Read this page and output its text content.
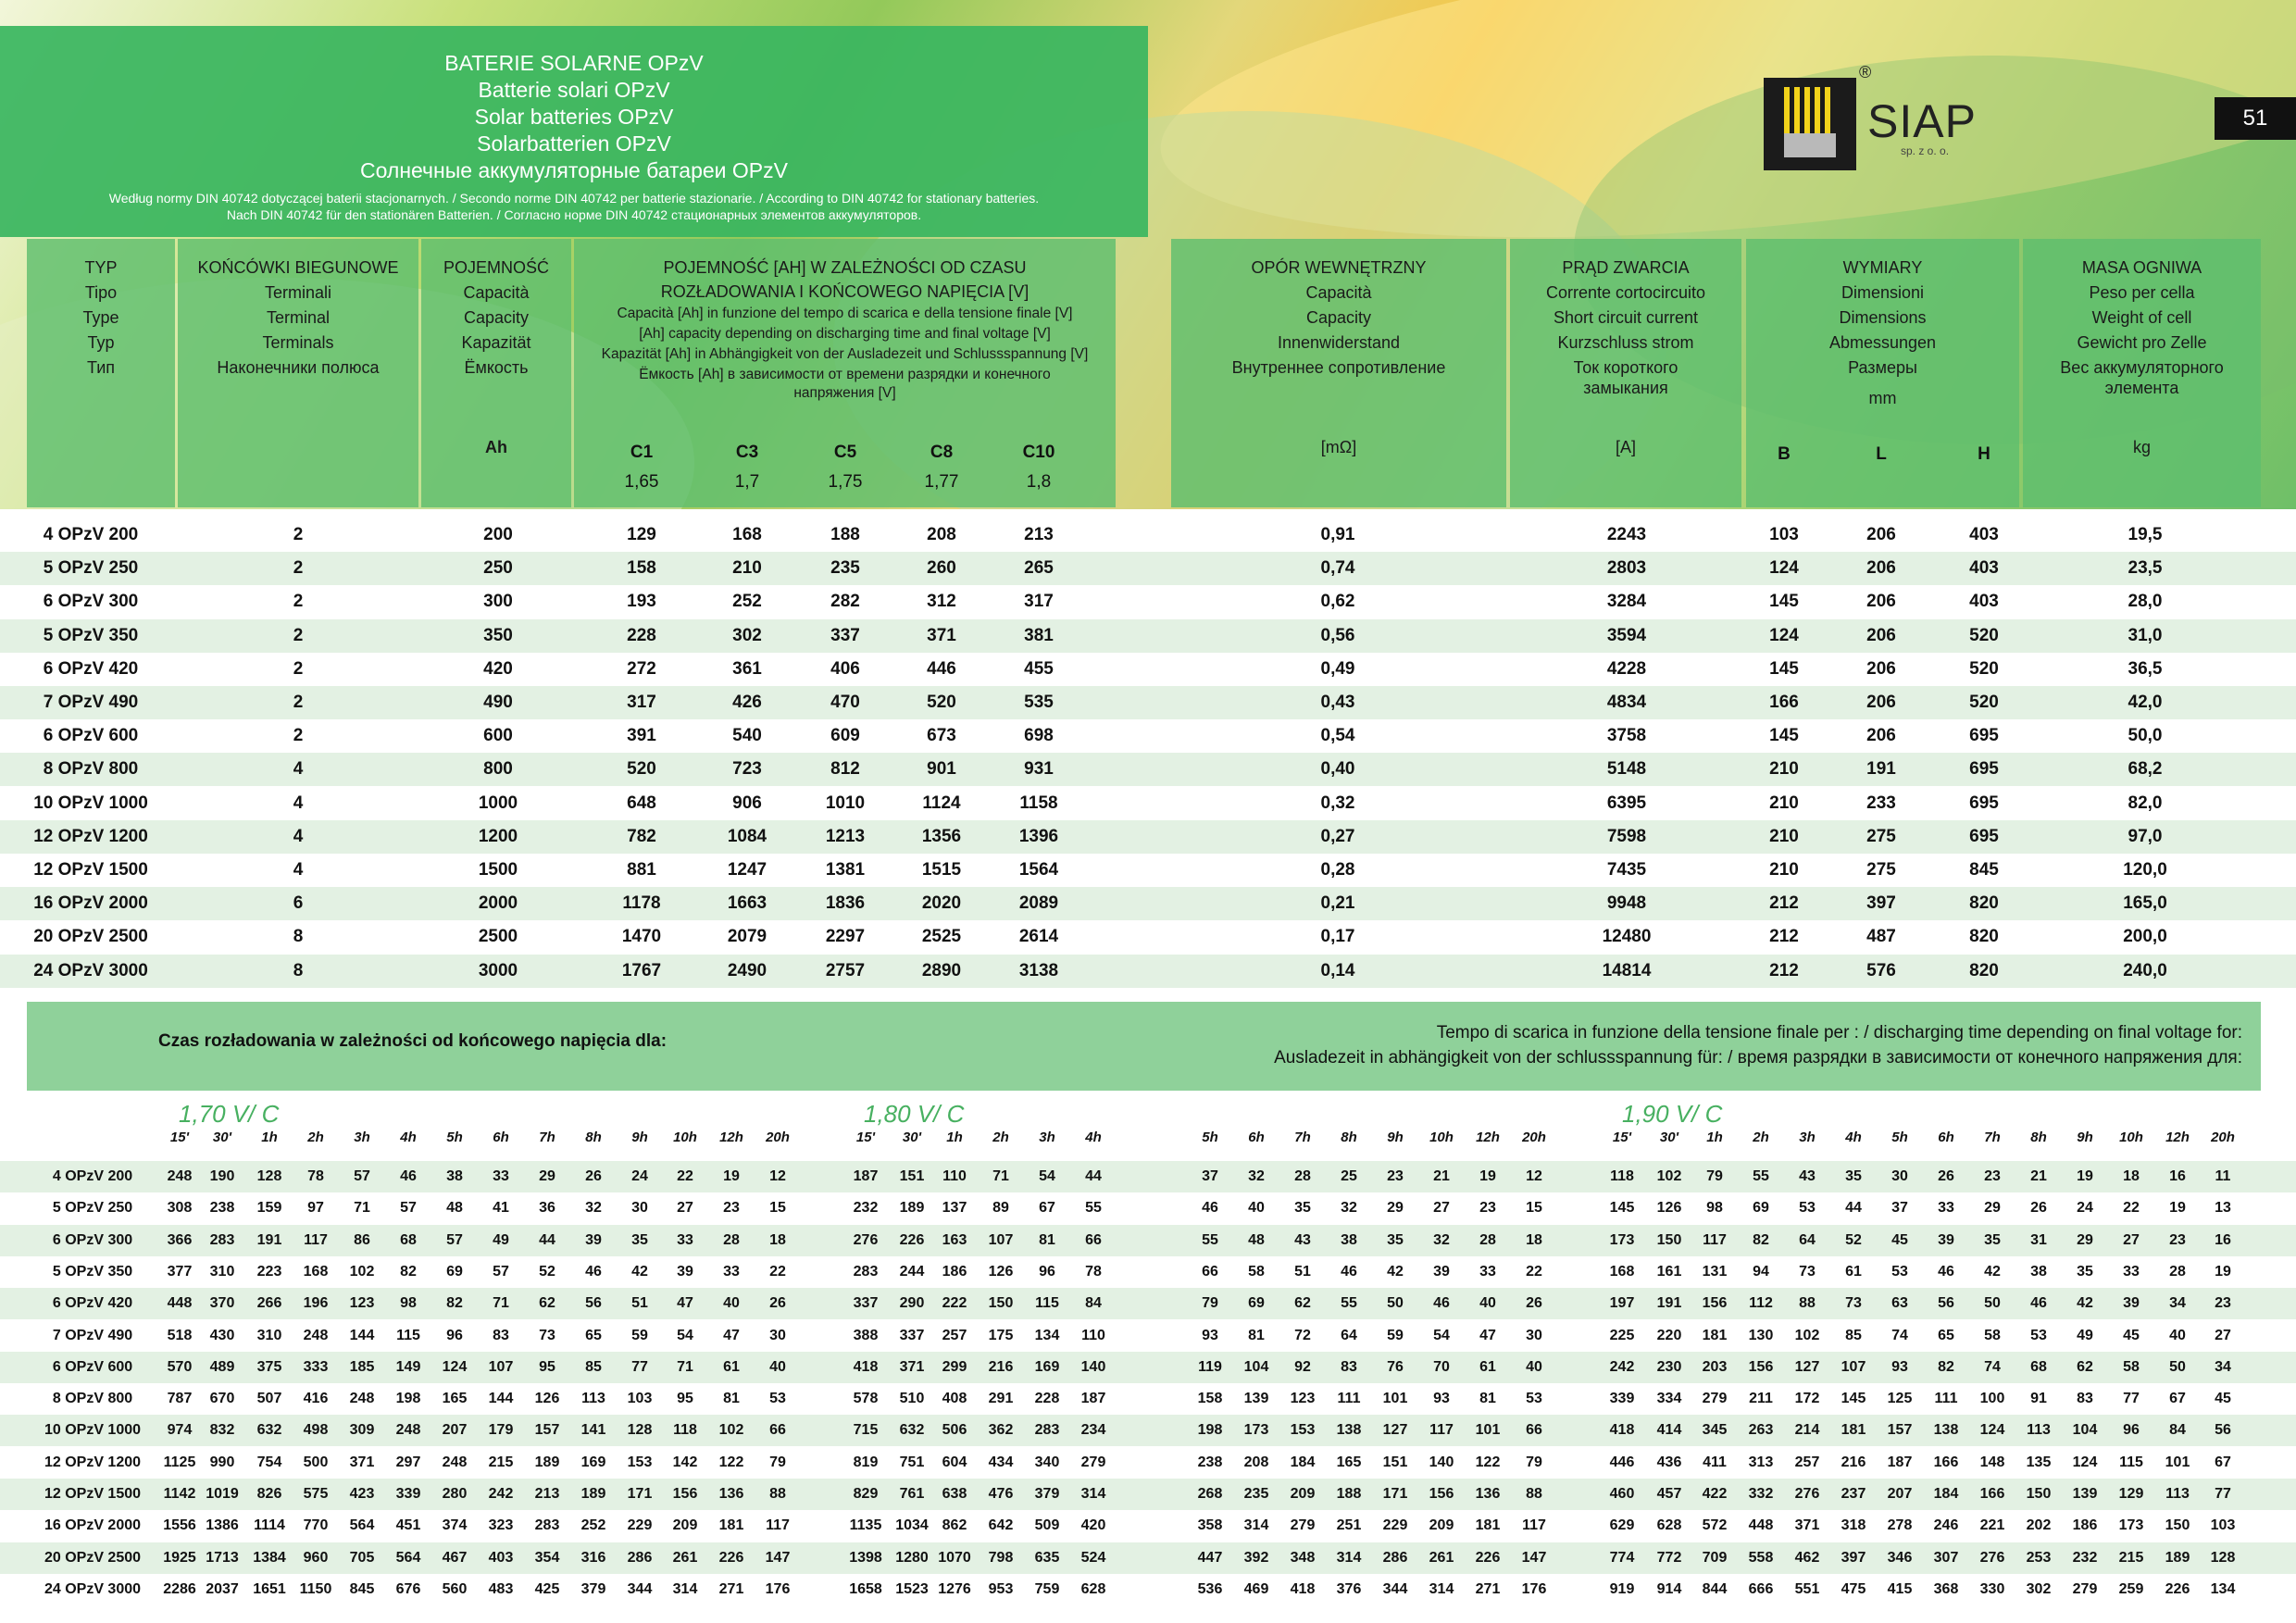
BATERIE SOLARNE OPzV
Batterie solari OPzV
Solar batteries OPzV
Solarbatterien OPzV
Солнечные аккумуляторные батареи OPzV
Według normy DIN 40742 dotyczącej baterii stacjonarnych. / Secondo norme DIN 40742 per batterie stazionarie. / According to DIN 40742 for stationary batteries.
Nach DIN 40742 für den stationären Batterien. / Согласно норме DIN 40742 стационарных элементов аккумуляторов.
®
SIAP
sp. z o. o.
51
TYP
Tipo
Type
Typ
Тип
KOŃCÓWKI BIEGUNOWE
Terminali
Terminal
Terminals
Наконечники полюса
POJEMNOŚĆ
Capacità
Capacity
Kapazität
Ёмкость
Ah
POJEMNOŚĆ [AH] W ZALEŻNOŚCI OD CZASU
ROZŁADOWANIA I KOŃCOWEGO NAPIĘCIA [V]
Capacità [Ah] in funzione del tempo di scarica e della tensione finale [V]
[Ah] capacity depending on discharging time and final voltage [V]
Kapazität [Ah] in Abhängigkeit von der Ausladezeit und Schlussspannung [V]
Ёмкость [Ah] в зависимости от времени разрядки и конечного
напряжения [V]
OPÓR WEWNĘTRZNY
Capacità
Capacity
Innenwiderstand
Внутреннее сопротивление
[mΩ]
PRĄD ZWARCIA
Corrente cortocircuito
Short circuit current
Kurzschluss strom
Ток короткого
замыкания
[A]
WYMIARY
Dimensioni
Dimensions
Abmessungen
Размеры
mm
MASA OGNIWA
Peso per cella
Weight of cell
Gewicht pro Zelle
Вес аккумуляторного
элемента
kg
C1
1,65
C3
1,7
C5
1,75
C8
1,77
C10
1,8
B	L	H
4 OPzV 200	2	200	129	168	188	208	213	0,91	2243	103	206	403	19,5
5 OPzV 250	2	250	158	210	235	260	265	0,74	2803	124	206	403	23,5
6 OPzV 300	2	300	193	252	282	312	317	0,62	3284	145	206	403	28,0
5 OPzV 350	2	350	228	302	337	371	381	0,56	3594	124	206	520	31,0
6 OPzV 420	2	420	272	361	406	446	455	0,49	4228	145	206	520	36,5
7 OPzV 490	2	490	317	426	470	520	535	0,43	4834	166	206	520	42,0
6 OPzV 600	2	600	391	540	609	673	698	0,54	3758	145	206	695	50,0
8 OPzV 800	4	800	520	723	812	901	931	0,40	5148	210	191	695	68,2
10 OPzV 1000	4	1000	648	906	1010	1124	1158	0,32	6395	210	233	695	82,0
12 OPzV 1200	4	1200	782	1084	1213	1356	1396	0,27	7598	210	275	695	97,0
12 OPzV 1500	4	1500	881	1247	1381	1515	1564	0,28	7435	210	275	845	120,0
16 OPzV 2000	6	2000	1178	1663	1836	2020	2089	0,21	9948	212	397	820	165,0
20 OPzV 2500	8	2500	1470	2079	2297	2525	2614	0,17	12480	212	487	820	200,0
24 OPzV 3000	8	3000	1767	2490	2757	2890	3138	0,14	14814	212	576	820	240,0
Czas rozładowania w zależności od końcowego napięcia dla:	Tempo di scarica in funzione della tensione finale per : / discharging time depending on final voltage for:
Ausladezeit in abhängigkeit von der schlussspannung für: / время разрядки в зависимости от конечного напряжения для:
1,70 V/ C	1,80 V/ C	1,90 V/ C
15'	30'	1h	2h	3h	4h	5h	6h	7h	8h	9h	10h	12h	20h	15'	30'	1h	2h	3h	4h	5h	6h	7h	8h	9h	10h	12h	20h	15'	30'	1h	2h	3h	4h	5h	6h	7h	8h	9h	10h	12h	20h
4 OPzV 200	248	190	128	78	57	46	38	33	29	26	24	22	19	12	187	151	110	71	54	44	37	32	28	25	23	21	19	12	118	102	79	55	43	35	30	26	23	21	19	18	16	11
5 OPzV 250	308	238	159	97	71	57	48	41	36	32	30	27	23	15	232	189	137	89	67	55	46	40	35	32	29	27	23	15	145	126	98	69	53	44	37	33	29	26	24	22	19	13
6 OPzV 300	366	283	191	117	86	68	57	49	44	39	35	33	28	18	276	226	163	107	81	66	55	48	43	38	35	32	28	18	173	150	117	82	64	52	45	39	35	31	29	27	23	16
5 OPzV 350	377	310	223	168	102	82	69	57	52	46	42	39	33	22	283	244	186	126	96	78	66	58	51	46	42	39	33	22	168	161	131	94	73	61	53	46	42	38	35	33	28	19
6 OPzV 420	448	370	266	196	123	98	82	71	62	56	51	47	40	26	337	290	222	150	115	84	79	69	62	55	50	46	40	26	197	191	156	112	88	73	63	56	50	46	42	39	34	23
7 OPzV 490	518	430	310	248	144	115	96	83	73	65	59	54	47	30	388	337	257	175	134	110	93	81	72	64	59	54	47	30	225	220	181	130	102	85	74	65	58	53	49	45	40	27
6 OPzV 600	570	489	375	333	185	149	124	107	95	85	77	71	61	40	418	371	299	216	169	140	119	104	92	83	76	70	61	40	242	230	203	156	127	107	93	82	74	68	62	58	50	34
8 OPzV 800	787	670	507	416	248	198	165	144	126	113	103	95	81	53	578	510	408	291	228	187	158	139	123	111	101	93	81	53	339	334	279	211	172	145	125	111	100	91	83	77	67	45
10 OPzV 1000	974	832	632	498	309	248	207	179	157	141	128	118	102	66	715	632	506	362	283	234	198	173	153	138	127	117	101	66	418	414	345	263	214	181	157	138	124	113	104	96	84	56
12 OPzV 1200	1125 990	754	500	371	297	248	215	189	169	153	142	122	79	819	751	604	434	340	279	238	208	184	165	151	140	122	79	446	436	411	313	257	216	187	166	148	135	124	115	101	67
12 OPzV 1500	1142 1019	826	575	423	339	280	242	213	189	171	156	136	88	829	761	638	476	379	314	268	235	209	188	171	156	136	88	460	457	422	332	276	237	207	184	166	150	139	129	113	77
16 OPzV 2000	1556 1386	1114	770	564	451	374	323	283	252	229	209	181	117	1135 1034 862	642	509	420	358	314	279	251	229	209	181	117	629	628	572	448	371	318	278	246	221	202	186	173	150	103
20 OPzV 2500	1925 1713 1384	960	705	564	467	403	354	316	286	261	226	147	1398 1280 1070	798	635	524	447	392	348	314	286	261	226	147	774	772	709	558	462	397	346	307	276	253	232	215	189	128
24 OPzV 3000	2286 2037 1651 1150	845	676	560	483	425	379	344	314	271	176	1658 1523 1276	953	759	628	536	469	418	376	344	314	271	176	919	914	844	666	551	475	415	368	330	302	279	259	226	134
